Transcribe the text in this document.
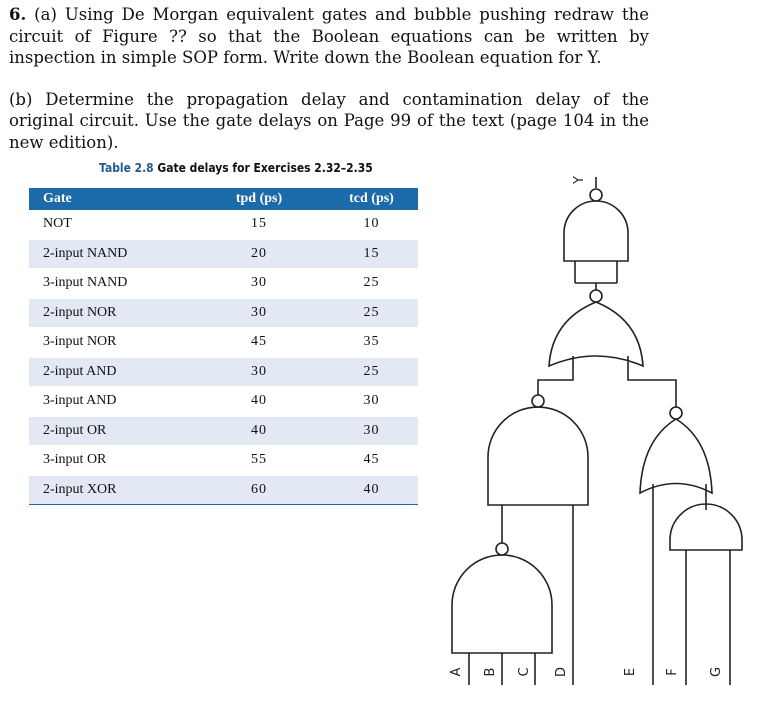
6. (a) Using De Morgan equivalent gates and bubble pushing redraw the circuit of Figure ?? so that the Boolean equations can be written by inspection in simple SOP form. Write down the Boolean equation for Y.

(b) Determine the propagation delay and contamination delay of the original circuit. Use the gate delays on Page 99 of the text (page 104 in the new edition).

Table 2.8 Gate delays for Exercises 2.32–2.35
Gate	tpd (ps)	tcd (ps)
NOT	15	10
2-input NAND	20	15
3-input NAND	30	25
2-input NOR	30	25
3-input NOR	45	35
2-input AND	30	25
3-input AND	40	30
2-input OR	40	30
3-input OR	55	45
2-input XOR	60	40
Y
A B C D	E F G
